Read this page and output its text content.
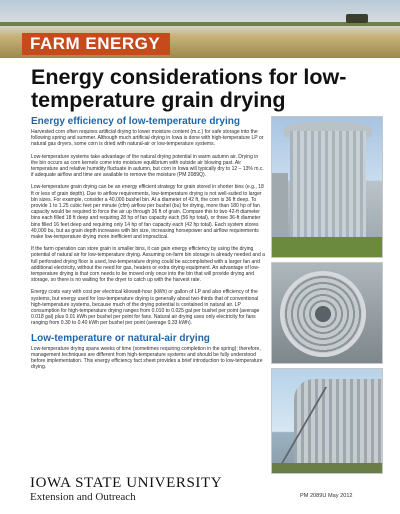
FARM ENERGY
Energy considerations for low-temperature grain drying
Energy efficiency of low-temperature drying

Harvested corn often requires artificial drying to lower moisture content (m.c.) for safe storage into the following spring and summer. Although much artificial drying in Iowa is done with high-temperature LP or natural gas dryers, some corn is dried with natural-air or low-temperature systems.

Low-temperature systems take advantage of the natural drying potential in warm autumn air. Drying in the bin occurs as corn kernels come into moisture equilibrium with outside air blowing past. Air temperature and relative humidity fluctuate in autumn, but corn in Iowa will typically dry to 12 – 13% m.c. if adequate airflow and time are available to remove the moisture (PM 2089Q).

Low-temperature grain drying can be an energy efficient strategy for grain stored in shorter bins (e.g., 18 ft or less of grain depth). Due to airflow requirements, low-temperature drying is not well-suited to larger bin sizes. For example, consider a 40,000 bushel bin. At a diameter of 42 ft, the corn is 36 ft deep. To provide 1 to 1.25 cubic feet per minute (cfm) airflow per bushel (bu) for drying, more than 180 hp of fan capacity would be required to force the air up through 36 ft of grain. Compare this to two 42-ft diameter bins each filled 18 ft deep and requiring 28 hp of fan capacity each (56 hp total), or three 36-ft diameter bins filled 16 feet deep and requiring only 14 hp of fan capacity each (42 hp total). Each system stores 40,000 bu, but as grain depth increases with bin size, increasing horsepower and airflow requirements make low-temperature drying more inefficient and impractical.

If the farm operation can store grain in smaller bins, it can gain energy efficiency by using the drying potential of natural air for low-temperature drying. Assuming on-farm bin storage is already needed and a full perforated drying floor is used, low-temperature drying could be accomplished with a larger fan and additional electricity, without the need for gas, heaters or extra drying equipment. An advantage of low-temperature drying is that corn needs to be moved only once into the bin that will provide drying and storage, so there is no waiting for the dryer to catch up with the harvest rate.

Energy costs vary with cost per electrical kilowatt-hour (kWh) or gallon of LP and also efficiency of the systems, but energy used for low-temperature drying is generally about two-thirds that of conventional high-temperature systems, because much of the drying potential is contained in natural air. LP consumption for high-temperature drying ranges from 0.010 to 0.025 gal per bushel per point (average 0.018 gal) plus 0.01 kWh per bushel per point for fans. Natural air drying uses only electricity for fans ranging from 0.30 to 0.40 kWh per bushel per point (average 0.33 kWh).

Low-temperature or natural-air drying

Low-temperature drying spans weeks of time (sometimes requiring completion in the spring); therefore, management techniques are different from high-temperature systems and should be fully understood before implementation. This energy efficiency fact sheet provides a brief introduction to low-temperature drying.

IOWA STATE UNIVERSITY
Extension and Outreach	PM 2089U May 2012
